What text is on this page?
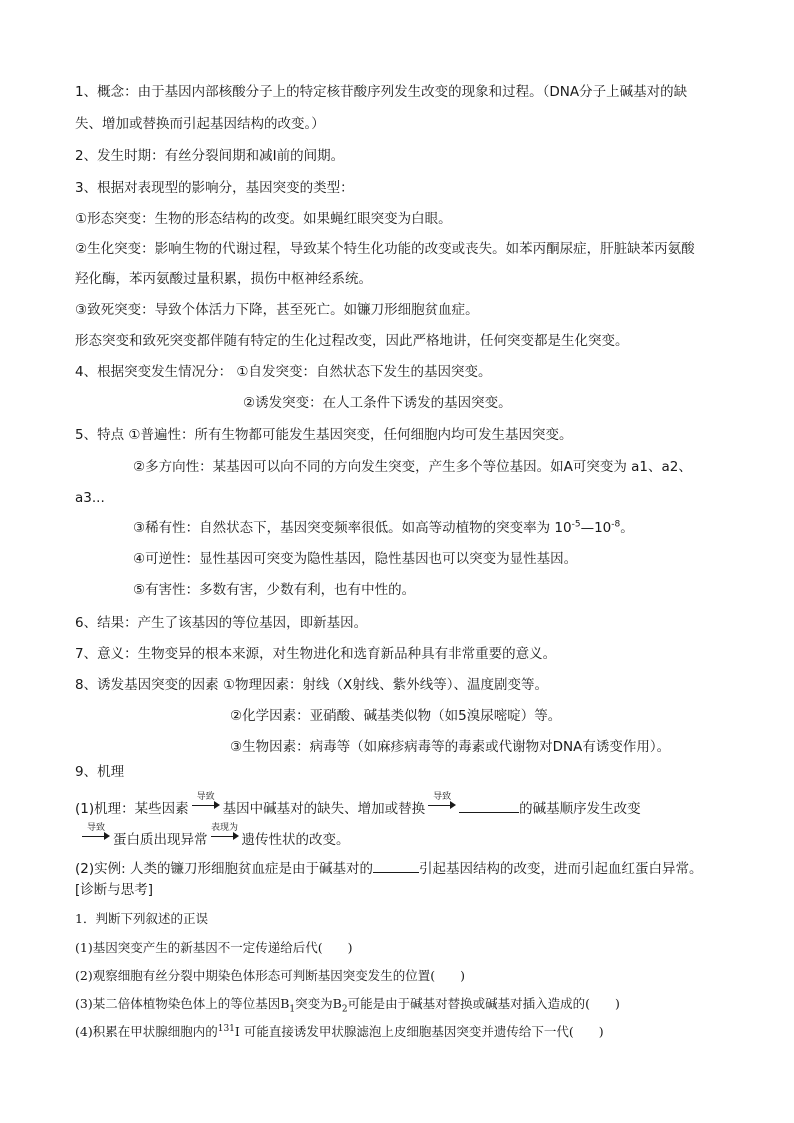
1、概念：由于基因内部核酸分子上的特定核苷酸序列发生改变的现象和过程。（DNA分子上碱基对的缺
失、增加或替换而引起基因结构的改变。）
2、发生时期：有丝分裂间期和减Ⅰ前的间期。
3、根据对表现型的影响分，基因突变的类型：
①形态突变：生物的形态结构的改变。如果蝇红眼突变为白眼。
②生化突变：影响生物的代谢过程，导致某个特生化功能的改变或丧失。如苯丙酮尿症，肝脏缺苯丙氨酸
羟化酶，苯丙氨酸过量积累，损伤中枢神经系统。
③致死突变：导致个体活力下降，甚至死亡。如镰刀形细胞贫血症。
形态突变和致死突变都伴随有特定的生化过程改变，因此严格地讲，任何突变都是生化突变。
4、根据突变发生情况分： ①自发突变：自然状态下发生的基因突变。
②诱发突变：在人工条件下诱发的基因突变。
5、特点 ①普遍性：所有生物都可能发生基因突变，任何细胞内均可发生基因突变。
②多方向性：某基因可以向不同的方向发生突变，产生多个等位基因。如A可突变为 a1、a2、
a3...
③稀有性：自然状态下，基因突变频率很低。如高等动植物的突变率为 $10^{-5}—10^{-8}$。
④可逆性：显性基因可突变为隐性基因，隐性基因也可以突变为显性基因。
⑤有害性：多数有害，少数有利，也有中性的。
6、结果：产生了该基因的等位基因，即新基因。
7、意义：生物变异的根本来源，对生物进化和选育新品种具有非常重要的意义。
8、诱发基因突变的因素 ①物理因素：射线（X射线、紫外线等）、温度剧变等。
②化学因素：亚硝酸、碱基类似物（如5溴尿嘧啶）等。
③生物因素：病毒等（如麻疹病毒等的毒素或代谢物对DNA有诱变作用）。
9、机理
(1)机理：某些因素
导致
基因中碱基对的缺失、增加或替换
导致
的碱基顺序发生改变
导致
蛋白质出现异常
表现为
遗传性状的改变。
(2)实例: 人类的镰刀形细胞贫血症是由于碱基对的	引起基因结构的改变，进而引起血红蛋白异常。
[诊断与思考]
1．判断下列叙述的正误
(1)基因突变产生的新基因不一定传递给后代(　　)
(2)观察细胞有丝分裂中期染色体形态可判断基因突变发生的位置(　　)
(3)某二倍体植物染色体上的等位基因$B_1$突变为$B_2$可能是由于碱基对替换或碱基对插入造成的(　　)
(4)积累在甲状腺细胞内的$^{131}$I 可能直接诱发甲状腺滤泡上皮细胞基因突变并遗传给下一代(　　)
